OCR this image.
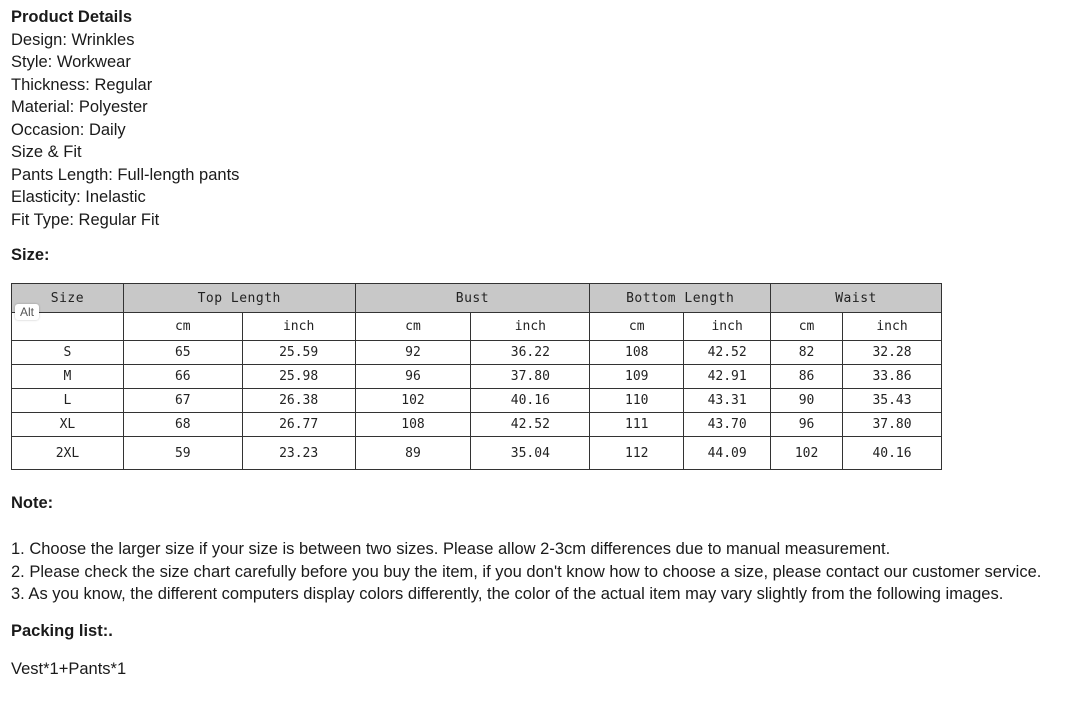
Product Details
Design: Wrinkles
Style: Workwear
Thickness: Regular
Material: Polyester
Occasion: Daily
Size & Fit
Pants Length: Full-length pants
Elasticity: Inelastic
Fit Type: Regular Fit
Size:
Size	Top Length		Bust		Bottom Length		Waist	
	cm	inch	cm	inch	cm	inch	cm	inch
S	65	25.59	92	36.22	108	42.52	82	32.28
M	66	25.98	96	37.80	109	42.91	86	33.86
L	67	26.38	102	40.16	110	43.31	90	35.43
XL	68	26.77	108	42.52	111	43.70	96	37.80
2XL	59	23.23	89	35.04	112	44.09	102	40.16
Alt
Note:
1. Choose the larger size if your size is between two sizes. Please allow 2-3cm differences due to manual measurement.
2. Please check the size chart carefully before you buy the item, if you don't know how to choose a size, please contact our customer service.
3. As you know, the different computers display colors differently, the color of the actual item may vary slightly from the following images.
Packing list:.
Vest*1+Pants*1
